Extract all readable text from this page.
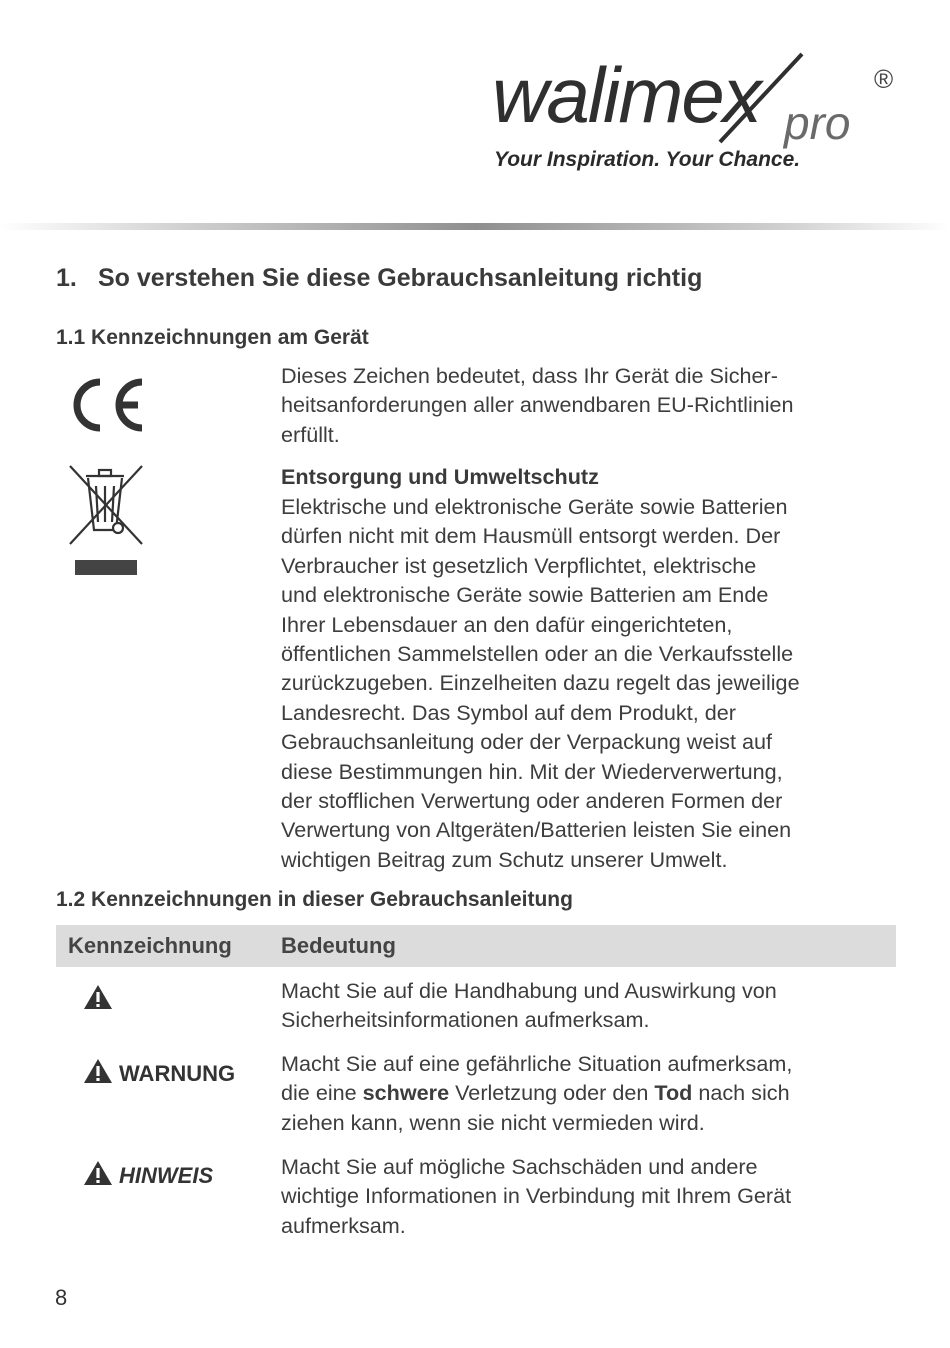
walimex pro
®
Your Inspiration. Your Chance.
1. So verstehen Sie diese Gebrauchsanleitung richtig
1.1 Kennzeichnungen am Gerät
Dieses Zeichen bedeutet, dass Ihr Gerät die Sicher-
heitsanforderungen aller anwendbaren EU-Richtlinien
erfüllt.
Entsorgung und Umweltschutz
Elektrische und elektronische Geräte sowie Batterien
dürfen nicht mit dem Hausmüll entsorgt werden. Der
Verbraucher ist gesetzlich Verpflichtet, elektrische
und elektronische Geräte sowie Batterien am Ende
Ihrer Lebensdauer an den dafür eingerichteten,
öffentlichen Sammelstellen oder an die Verkaufsstelle
zurückzugeben. Einzelheiten dazu regelt das jeweilige
Landesrecht. Das Symbol auf dem Produkt, der
Gebrauchsanleitung oder der Verpackung weist auf
diese Bestimmungen hin. Mit der Wiederverwertung,
der stofflichen Verwertung oder anderen Formen der
Verwertung von Altgeräten/Batterien leisten Sie einen
wichtigen Beitrag zum Schutz unserer Umwelt.
1.2 Kennzeichnungen in dieser Gebrauchsanleitung
Kennzeichnung Bedeutung
Macht Sie auf die Handhabung und Auswirkung von
Sicherheitsinformationen aufmerksam.
WARNUNG Macht Sie auf eine gefährliche Situation aufmerksam,
die eine schwere Verletzung oder den Tod nach sich
ziehen kann, wenn sie nicht vermieden wird.
HINWEIS	Macht Sie auf mögliche Sachschäden und andere
wichtige Informationen in Verbindung mit Ihrem Gerät
aufmerksam.
8
